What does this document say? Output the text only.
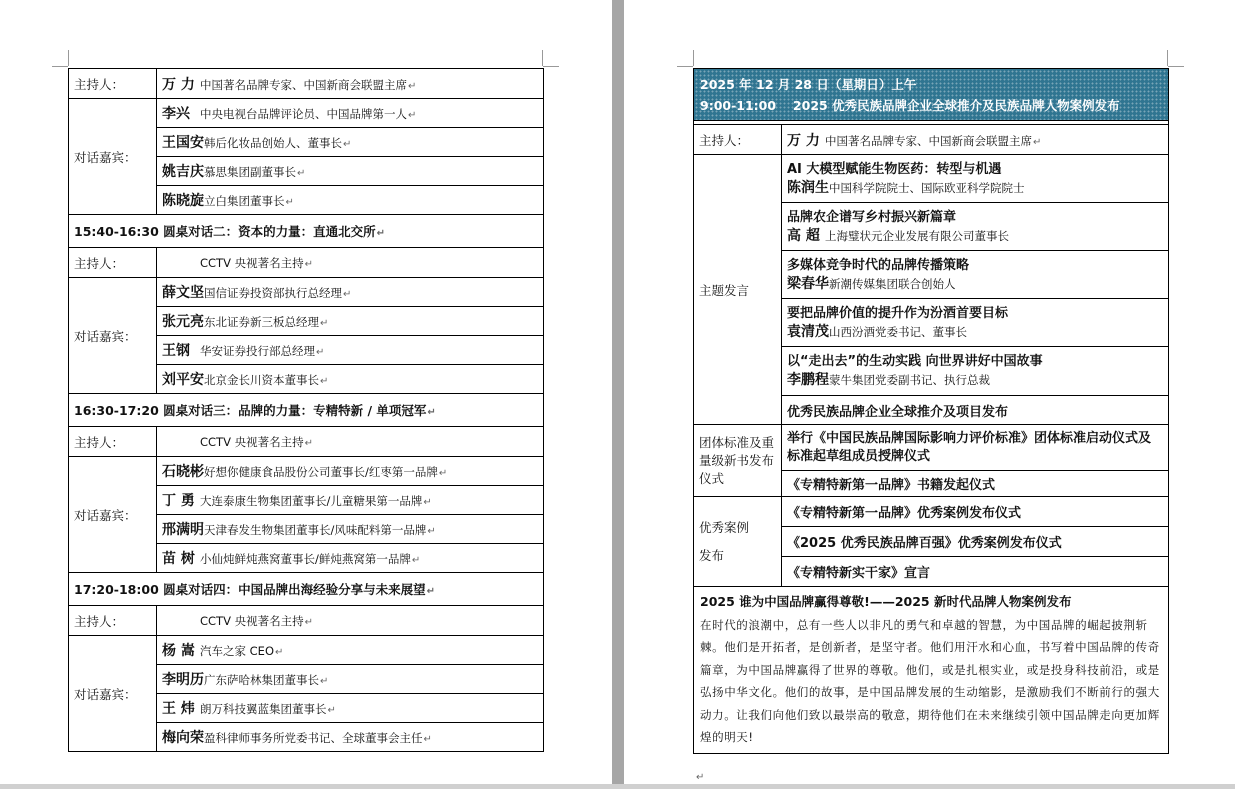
主持人：	万 力 中国著名品牌专家、中国新商会联盟主席↵
对话嘉宾：	李兴 中央电视台品牌评论员、中国品牌第一人↵
	王国安韩后化妆品创始人、董事长↵
	姚吉庆慕思集团副董事长↵
	陈晓旋立白集团董事长↵
15:40-16:30 圆桌对话二：资本的力量：直通北交所↵	
主持人：	CCTV 央视著名主持↵
对话嘉宾：	薛文坚国信证券投资部执行总经理↵
	张元亮东北证券新三板总经理↵
	王钢 华安证券投行部总经理↵
	刘平安北京金长川资本董事长↵
16:30-17:20 圆桌对话三：品牌的力量：专精特新 / 单项冠军↵	
主持人：	CCTV 央视著名主持↵
对话嘉宾：	石晓彬好想你健康食品股份公司董事长/红枣第一品牌↵
	丁 勇 大连泰康生物集团董事长/儿童糖果第一品牌↵
	邢满明天津春发生物集团董事长/风味配料第一品牌↵
	苗 树 小仙炖鲜炖燕窝董事长/鲜炖燕窝第一品牌↵
17:20-18:00 圆桌对话四：中国品牌出海经验分享与未来展望↵	
主持人：	CCTV 央视著名主持↵
对话嘉宾：	杨 嵩 汽车之家 CEO↵
	李明历广东萨哈林集团董事长↵
	王 炜 朗万科技翼蓝集团董事长↵
	梅向荣盈科律师事务所党委书记、全球董事会主任↵
2025 年 12 月 28 日（星期日）上午
9:00-11:00　 2025 优秀民族品牌企业全球推介及民族品牌人物案例发布	

主持人：	万 力 中国著名品牌专家、中国新商会联盟主席↵
主题发言	AI 大模型赋能生物医药：转型与机遇
陈润生中国科学院院士、国际欧亚科学院院士

	品牌农企谱写乡村振兴新篇章
高 超 上海璧状元企业发展有限公司董事长

	多媒体竞争时代的品牌传播策略
梁春华新潮传媒集团联合创始人

	要把品牌价值的提升作为汾酒首要目标
袁清茂山西汾酒党委书记、董事长

	以“走出去”的生动实践 向世界讲好中国故事
李鹏程蒙牛集团党委副书记、执行总裁

	优秀民族品牌企业全球推介及项目发布
团体标准及重量级新书发布仪式	举行《中国民族品牌国际影响力评价标准》团体标准启动仪式及标准起草组成员授牌仪式
	《专精特新第一品牌》书籍发起仪式

优秀案例
发布	《专精特新第一品牌》优秀案例发布仪式
	《2025 优秀民族品牌百强》优秀案例发布仪式
	《专精特新实干家》宣言

2025 谁为中国品牌赢得尊敬!——2025 新时代品牌人物案例发布
在时代的浪潮中，总有一些人以非凡的勇气和卓越的智慧，为中国品牌的崛起披荆斩棘。他们是开拓者，是创新者，是坚守者。他们用汗水和心血，书写着中国品牌的传奇篇章，为中国品牌赢得了世界的尊敬。他们，或是扎根实业，或是投身科技前沿，或是弘扬中华文化。他们的故事，是中国品牌发展的生动缩影，是激励我们不断前行的强大动力。让我们向他们致以最崇高的敬意，期待他们在未来继续引领中国品牌走向更加辉煌的明天!	
↵
